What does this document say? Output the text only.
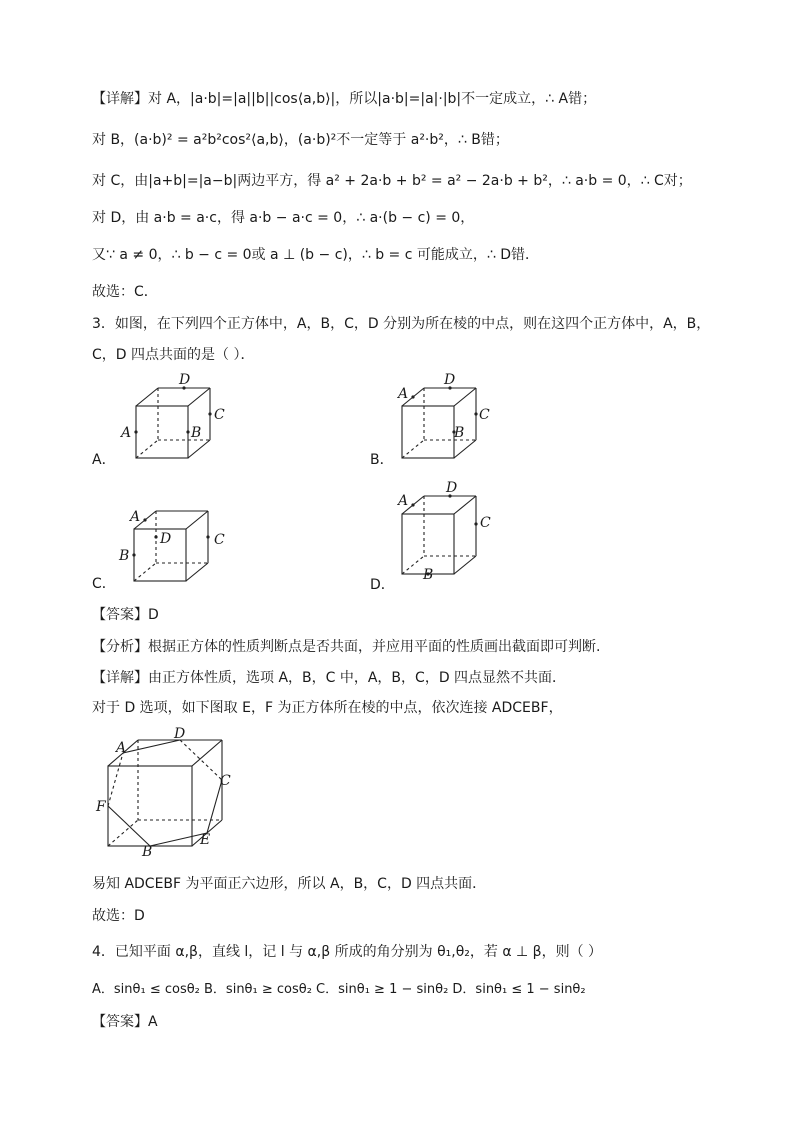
【详解】对 A，|a·b|=|a||b||cos⟨a,b⟩|，所以|a·b|=|a|·|b|不一定成立，∴ A错；
对 B，(a·b)² = a²b²cos²⟨a,b⟩，(a·b)²不一定等于 a²·b²，∴ B错；
对 C，由|a+b|=|a−b|两边平方，得 a² + 2a·b + b² = a² − 2a·b + b²，∴ a·b = 0，∴ C对；
对 D，由 a·b = a·c，得 a·b − a·c = 0，∴ a·(b − c) = 0，
又∵ a ≠ 0，∴ b − c = 0或 a ⊥ (b − c)，∴ b = c 可能成立，∴ D错．
故选：C．
3．如图，在下列四个正方体中，A，B，C，D 分别为所在棱的中点，则在这四个正方体中，A，B，
C，D 四点共面的是（ ）．
D
C
A	B
A．
D
C
A
B
B．
A
D	C
B
C．
D
C
A
B
D．
【答案】D
【分析】根据正方体的性质判断点是否共面，并应用平面的性质画出截面即可判断.
【详解】由正方体性质，选项 A，B，C 中，A，B，C，D 四点显然不共面．
对于 D 选项，如下图取 E，F 为正方体所在棱的中点，依次连接 ADCEBF，
A
D
C
E
B
F
易知 ADCEBF 为平面正六边形，所以 A，B，C，D 四点共面．
故选：D
4．已知平面 α,β，直线 l，记 l 与 α,β 所成的角分别为 θ₁,θ₂，若 α ⊥ β，则（ ）
A．sinθ₁ ≤ cosθ₂ B．sinθ₁ ≥ cosθ₂ C．sinθ₁ ≥ 1 − sinθ₂ D．sinθ₁ ≤ 1 − sinθ₂
【答案】A
